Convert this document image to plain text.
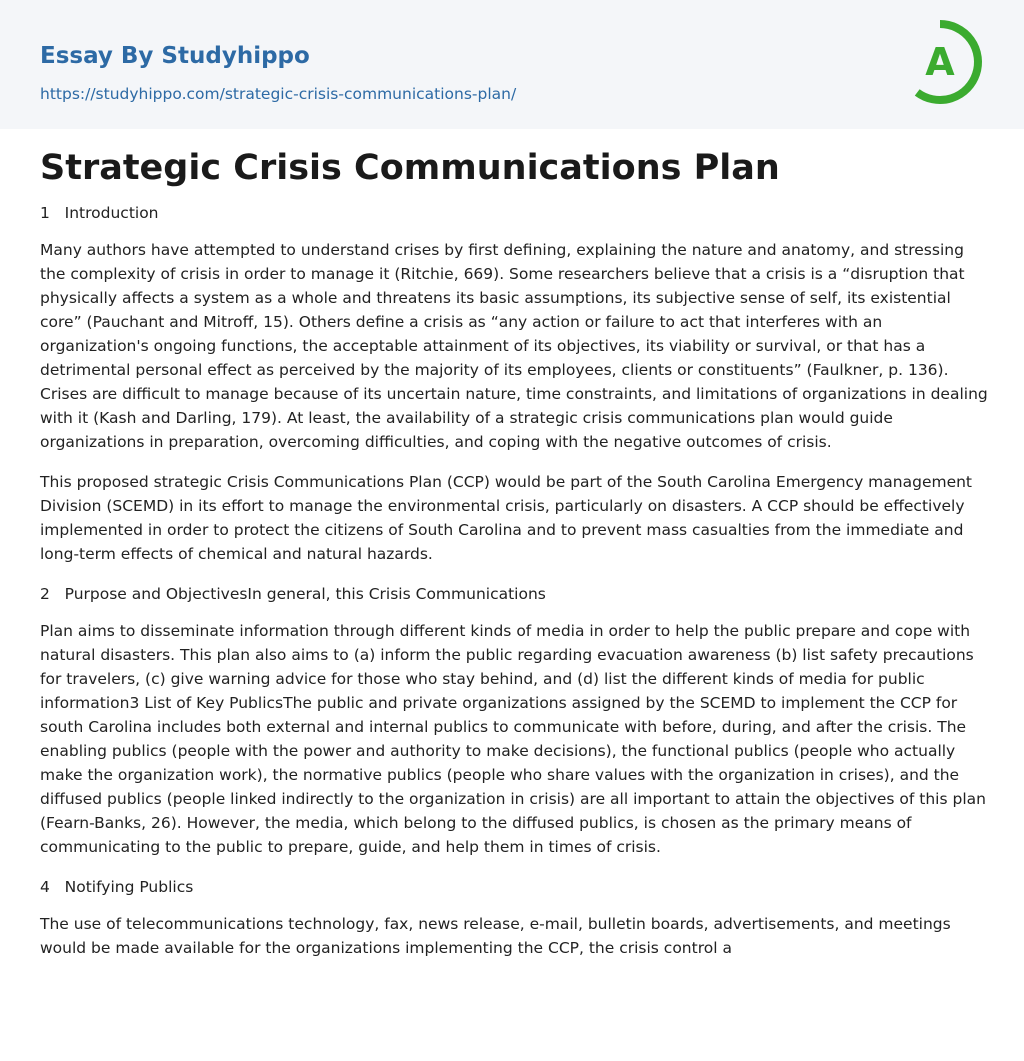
Essay By Studyhippo
https://studyhippo.com/strategic-crisis-communications-plan/
A
Strategic Crisis Communications Plan
1   Introduction

Many authors have attempted to understand crises by first defining, explaining the nature and anatomy, and stressing the complexity of crisis in order to manage it (Ritchie, 669). Some researchers believe that a crisis is a “disruption that physically affects a system as a whole and threatens its basic assumptions, its subjective sense of self, its existential core” (Pauchant and Mitroff, 15). Others define a crisis as “any action or failure to act that interferes with an organization's ongoing functions, the acceptable attainment of its objectives, its viability or survival, or that has a detrimental personal effect as perceived by the majority of its employees, clients or constituents” (Faulkner, p. 136). Crises are difficult to manage because of its uncertain nature, time constraints, and limitations of organizations in dealing with it (Kash and Darling, 179). At least, the availability of a strategic crisis communications plan would guide organizations in preparation, overcoming difficulties, and coping with the negative outcomes of crisis.

This proposed strategic Crisis Communications Plan (CCP) would be part of the South Carolina Emergency management Division (SCEMD) in its effort to manage the environmental crisis, particularly on disasters. A CCP should be effectively implemented in order to protect the citizens of South Carolina and to prevent mass casualties from the immediate and long-term effects of chemical and natural hazards.

2   Purpose and ObjectivesIn general, this Crisis Communications

Plan aims to disseminate information through different kinds of media in order to help the public prepare and cope with natural disasters. This plan also aims to (a) inform the public regarding evacuation awareness (b) list safety precautions for travelers, (c) give warning advice for those who stay behind, and (d) list the different kinds of media for public information3 List of Key PublicsThe public and private organizations assigned by the SCEMD to implement the CCP for south Carolina includes both external and internal publics to communicate with before, during, and after the crisis. The enabling publics (people with the power and authority to make decisions), the functional publics (people who actually make the organization work), the normative publics (people who share values with the organization in crises), and the diffused publics (people linked indirectly to the organization in crisis) are all important to attain the objectives of this plan (Fearn-Banks, 26). However, the media, which belong to the diffused publics, is chosen as the primary means of communicating to the public to prepare, guide, and help them in times of crisis.

4   Notifying Publics

The use of telecommunications technology, fax, news release, e-mail, bulletin boards, advertisements, and meetings would be made available for the organizations implementing the CCP, the crisis control a
